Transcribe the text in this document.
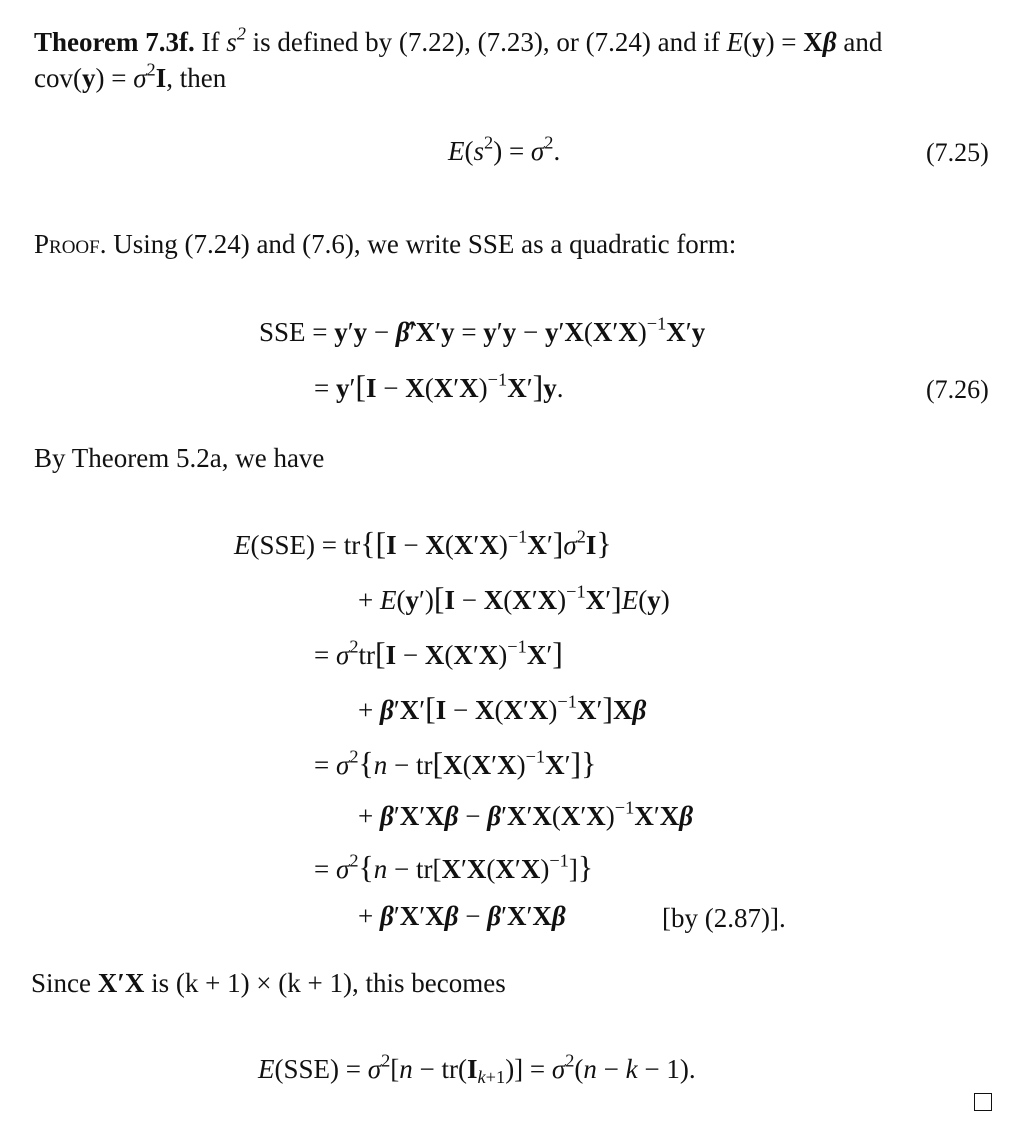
Theorem 7.3f. If $s^2$ is defined by (7.22), (7.23), or (7.24) and if E(y) = Xβ and
$cov(y) = \sigma^2I$, then
$E(s^2) = \sigma^2$.	(7.25)
Proof. Using (7.24) and (7.6), we write SSE as a quadratic form:
SSE = y′y − β̂′X′y = $y'y - y'X(X'X)^{-1}X'y$
= $y'[I - X(X'X)^{-1}X']y$.	(7.26)
By Theorem 5.2a, we have
$E(SSE) = tr\{[I - X(X'X)^{-1}X']\sigma^2I\}$
+ $E(y')[I - X(X'X)^{-1}X']E(y)$
= $\sigma^2tr[I - X(X'X)^{-1}X']$
+ $\beta'X'[I - X(X'X)^{-1}X']X\beta$
= $\sigma^2\{n - tr[X(X'X)^{-1}X']\}$
+ $\beta'X'X\beta - \beta'X'X(X'X)^{-1}X'X\beta$
= $\sigma^2\{n - tr[X'X(X'X)^{-1}]\}$
+ β′X′Xβ − β′X′Xβ	[by (2.87)].
Since X′X is (k + 1) × (k + 1), this becomes
$E(SSE) = \sigma^2[n - tr(I_{k+1})] = \sigma^2(n - k - 1)$.
